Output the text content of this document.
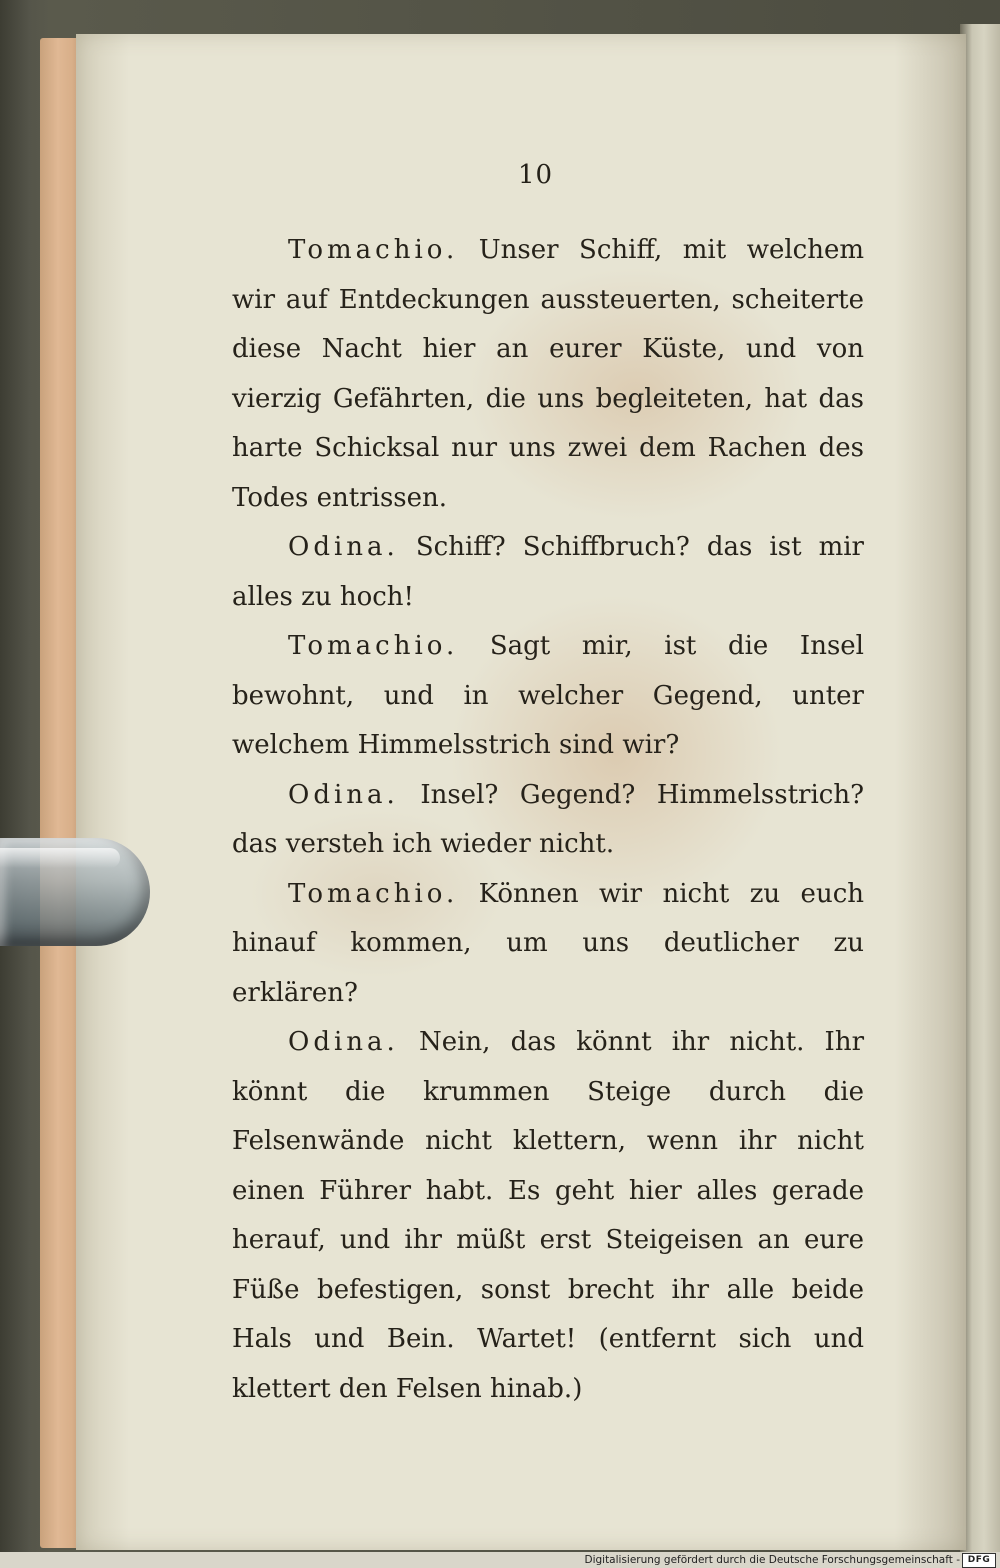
10

Tomachio. Unser Schiff, mit welchem wir auf Entdeckungen aussteuerten, scheiterte diese Nacht hier an eurer Küste, und von vierzig Gefährten, die uns begleiteten, hat das harte Schicksal nur uns zwei dem Rachen des Todes entrissen.

Odina. Schiff? Schiffbruch? das ist mir alles zu hoch!

Tomachio. Sagt mir, ist die Insel bewohnt, und in welcher Gegend, unter welchem Himmelsstrich sind wir?

Odina. Insel? Gegend? Himmelsstrich? das versteh ich wieder nicht.

Tomachio. Können wir nicht zu euch hinauf kommen, um uns deutlicher zu erklären?

Odina. Nein, das könnt ihr nicht. Ihr könnt die krummen Steige durch die Felsenwände nicht klettern, wenn ihr nicht einen Führer habt. Es geht hier alles gerade herauf, und ihr müßt erst Steigeisen an eure Füße befestigen, sonst brecht ihr alle beide Hals und Bein. Wartet! (entfernt sich und klettert den Felsen hinab.)

Digitalisierung gefördert durch die Deutsche Forschungsgemeinschaft - DFG
